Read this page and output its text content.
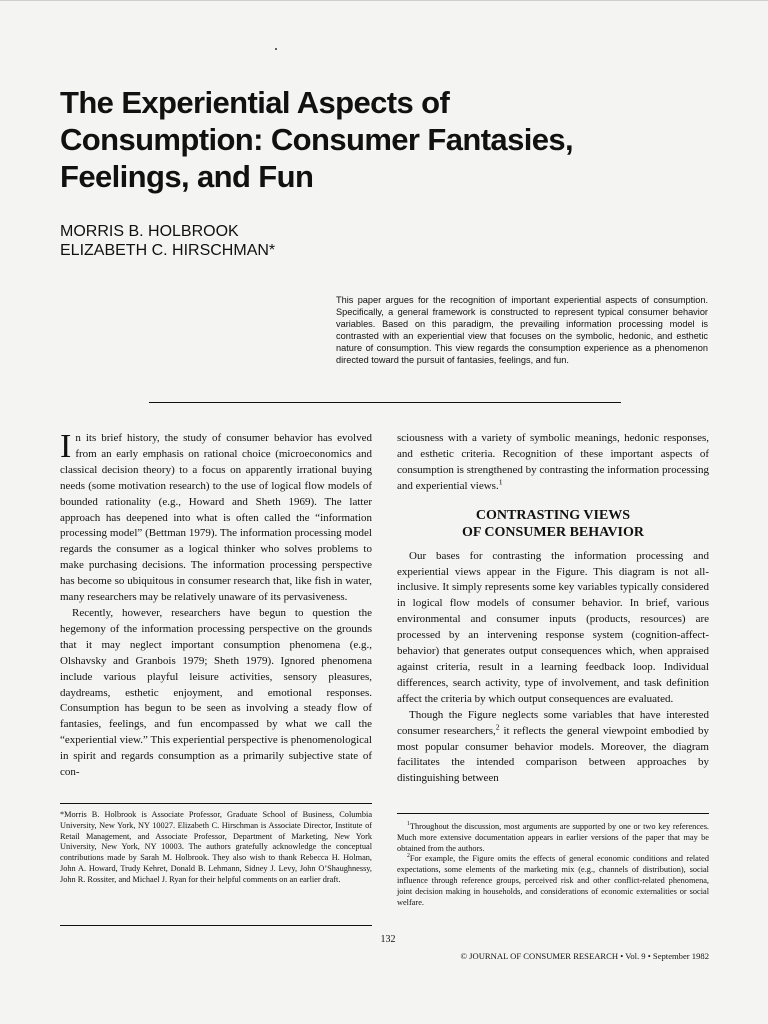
The Experiential Aspects of
Consumption: Consumer Fantasies,
Feelings, and Fun
MORRIS B. HOLBROOK
ELIZABETH C. HIRSCHMAN*

This paper argues for the recognition of important experiential aspects of consumption. Specifically, a general framework is constructed to represent typical consumer behavior variables. Based on this paradigm, the prevailing information processing model is contrasted with an experiential view that focuses on the symbolic, hedonic, and esthetic nature of consumption. This view regards the consumption experience as a phenomenon directed toward the pursuit of fantasies, feelings, and fun.

In its brief history, the study of consumer behavior has evolved from an early emphasis on rational choice (microeconomics and classical decision theory) to a focus on apparently irrational buying needs (some motivation research) to the use of logical flow models of bounded rationality (e.g., Howard and Sheth 1969). The latter approach has deepened into what is often called the “information processing model” (Bettman 1979). The information processing model regards the consumer as a logical thinker who solves problems to make purchasing decisions. The information processing perspective has become so ubiquitous in consumer research that, like fish in water, many researchers may be relatively unaware of its pervasiveness.

Recently, however, researchers have begun to question the hegemony of the information processing perspective on the grounds that it may neglect important consumption phenomena (e.g., Olshavsky and Granbois 1979; Sheth 1979). Ignored phenomena include various playful leisure activities, sensory pleasures, daydreams, esthetic enjoyment, and emotional responses. Consumption has begun to be seen as involving a steady flow of fantasies, feelings, and fun encompassed by what we call the “experiential view.” This experiential perspective is phenomenological in spirit and regards consumption as a primarily subjective state of con-

sciousness with a variety of symbolic meanings, hedonic responses, and esthetic criteria. Recognition of these important aspects of consumption is strengthened by contrasting the information processing and experiential views.$^1$

CONTRASTING VIEWS
OF CONSUMER BEHAVIOR

Our bases for contrasting the information processing and experiential views appear in the Figure. This diagram is not all-inclusive. It simply represents some key variables typically considered in logical flow models of consumer behavior. In brief, various environmental and consumer inputs (products, resources) are processed by an intervening response system (cognition-affect-behavior) that generates output consequences which, when appraised against criteria, result in a learning feedback loop. Individual differences, search activity, type of involvement, and task definition affect the criteria by which output consequences are evaluated.

Though the Figure neglects some variables that have interested consumer researchers,$^2$ it reflects the general viewpoint embodied by most popular consumer behavior models. Moreover, the diagram facilitates the intended comparison between approaches by distinguishing between

*Morris B. Holbrook is Associate Professor, Graduate School of Business, Columbia University, New York, NY 10027. Elizabeth C. Hirschman is Associate Director, Institute of Retail Management, and Associate Professor, Department of Marketing, New York University, New York, NY 10003. The authors gratefully acknowledge the conceptual contributions made by Sarah M. Holbrook. They also wish to thank Rebecca H. Holman, John A. Howard, Trudy Kehret, Donald B. Lehmann, Sidney J. Levy, John O’Shaughnessy, John R. Rossiter, and Michael J. Ryan for their helpful comments on an earlier draft.

$^1$Throughout the discussion, most arguments are supported by one or two key references. Much more extensive documentation appears in earlier versions of the paper that may be obtained from the authors.

$^2$For example, the Figure omits the effects of general economic conditions and related expectations, some elements of the marketing mix (e.g., channels of distribution), social influence through reference groups, perceived risk and other conflict-related phenomena, joint decision making in households, and considerations of economic externalities or social welfare.

132
© JOURNAL OF CONSUMER RESEARCH • Vol. 9 • September 1982
